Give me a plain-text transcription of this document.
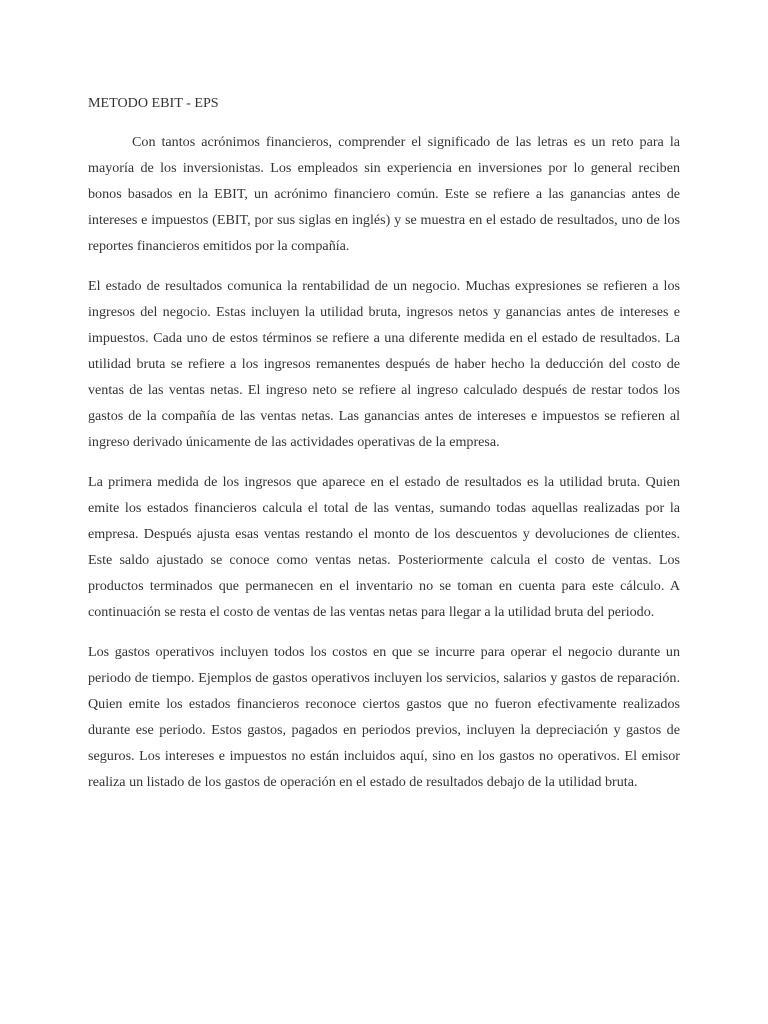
METODO EBIT - EPS

Con tantos acrónimos financieros, comprender el significado de las letras es un reto para la mayoría de los inversionistas. Los empleados sin experiencia en inversiones por lo general reciben bonos basados en la EBIT, un acrónimo financiero común. Este se refiere a las ganancias antes de intereses e impuestos (EBIT, por sus siglas en inglés) y se muestra en el estado de resultados, uno de los reportes financieros emitidos por la compañía.

El estado de resultados comunica la rentabilidad de un negocio. Muchas expresiones se refieren a los ingresos del negocio. Estas incluyen la utilidad bruta, ingresos netos y ganancias antes de intereses e impuestos. Cada uno de estos términos se refiere a una diferente medida en el estado de resultados. La utilidad bruta se refiere a los ingresos remanentes después de haber hecho la deducción del costo de ventas de las ventas netas. El ingreso neto se refiere al ingreso calculado después de restar todos los gastos de la compañía de las ventas netas. Las ganancias antes de intereses e impuestos se refieren al ingreso derivado únicamente de las actividades operativas de la empresa.

La primera medida de los ingresos que aparece en el estado de resultados es la utilidad bruta. Quien emite los estados financieros calcula el total de las ventas, sumando todas aquellas realizadas por la empresa. Después ajusta esas ventas restando el monto de los descuentos y devoluciones de clientes. Este saldo ajustado se conoce como ventas netas. Posteriormente calcula el costo de ventas. Los productos terminados que permanecen en el inventario no se toman en cuenta para este cálculo. A continuación se resta el costo de ventas de las ventas netas para llegar a la utilidad bruta del periodo.

Los gastos operativos incluyen todos los costos en que se incurre para operar el negocio durante un periodo de tiempo. Ejemplos de gastos operativos incluyen los servicios, salarios y gastos de reparación. Quien emite los estados financieros reconoce ciertos gastos que no fueron efectivamente realizados durante ese periodo. Estos gastos, pagados en periodos previos, incluyen la depreciación y gastos de seguros. Los intereses e impuestos no están incluidos aquí, sino en los gastos no operativos. El emisor realiza un listado de los gastos de operación en el estado de resultados debajo de la utilidad bruta.
